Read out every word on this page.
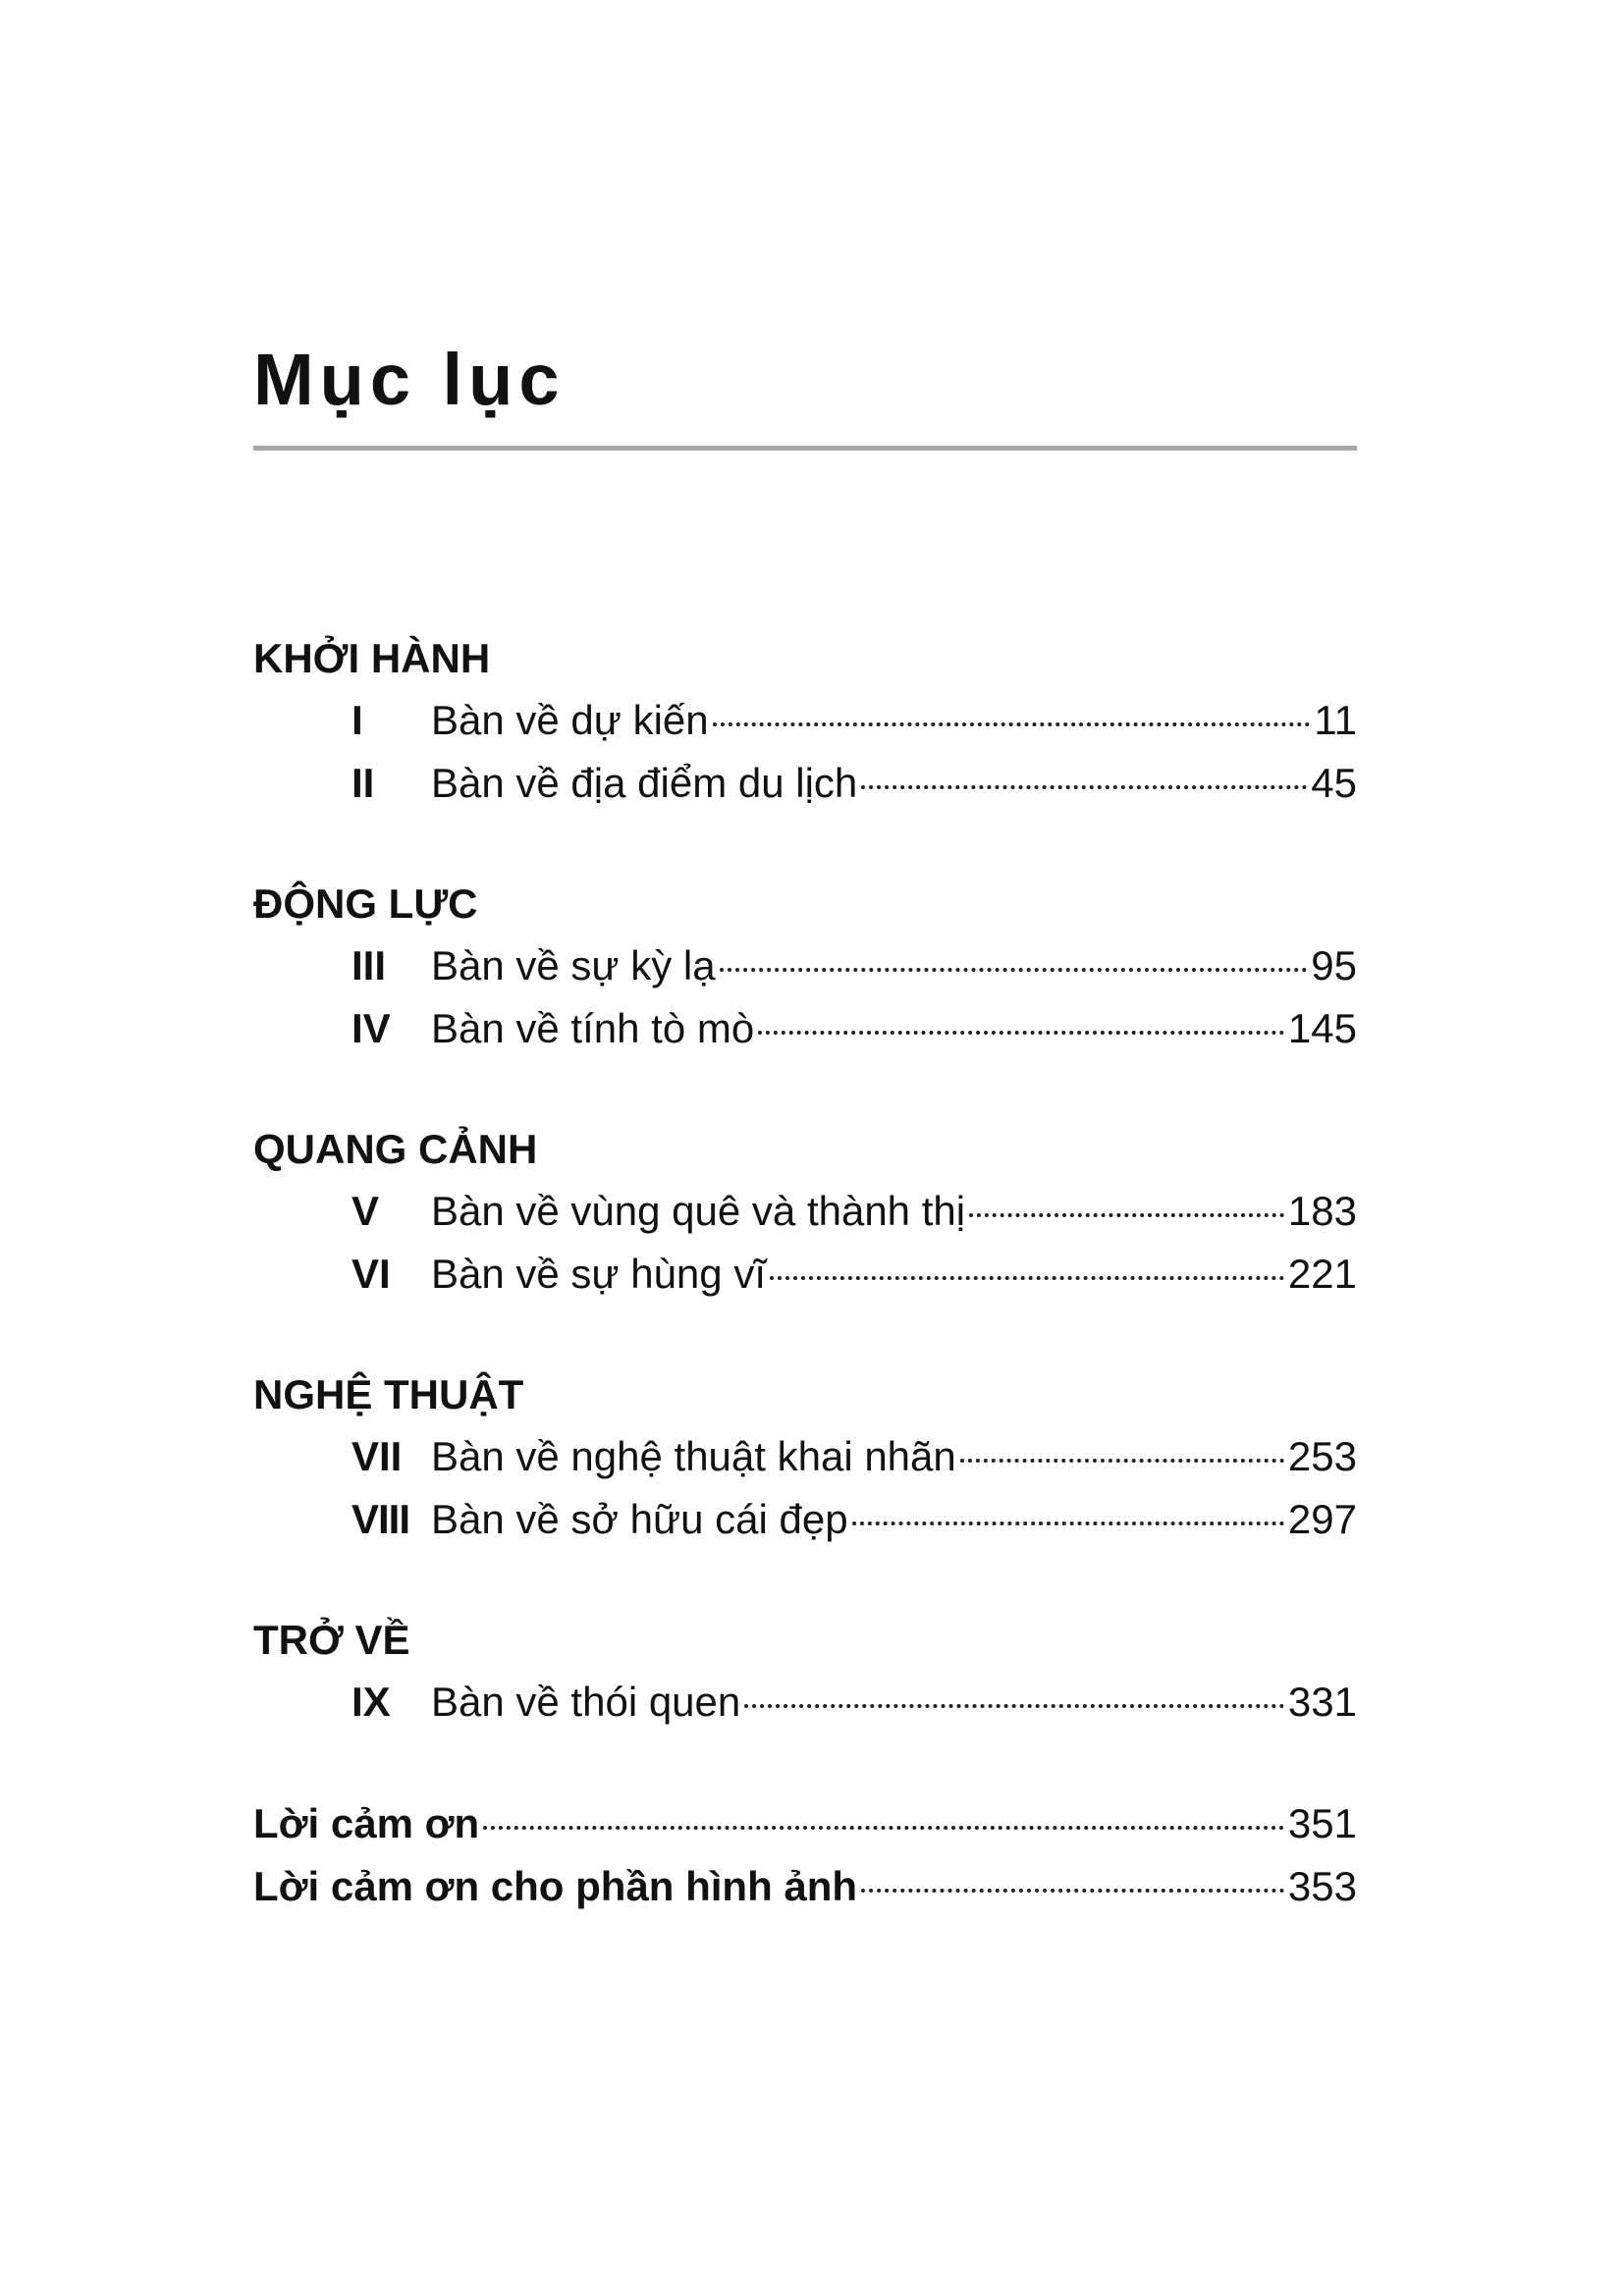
Mục lục
KHỞI HÀNH
I	Bàn về dự kiến	11
II	Bàn về địa điểm du lịch	45
ĐỘNG LỰC
III	Bàn về sự kỳ lạ	95
IV Bàn về tính tò mò	145
QUANG CẢNH
V	Bàn về vùng quê và thành thị	183
VI Bàn về sự hùng vĩ	221
NGHỆ THUẬT
VII Bàn về nghệ thuật khai nhãn	253
VIII Bàn về sở hữu cái đẹp	297
TRỞ VỀ
IX Bàn về thói quen	331
Lời cảm ơn	351
Lời cảm ơn cho phần hình ảnh	353
